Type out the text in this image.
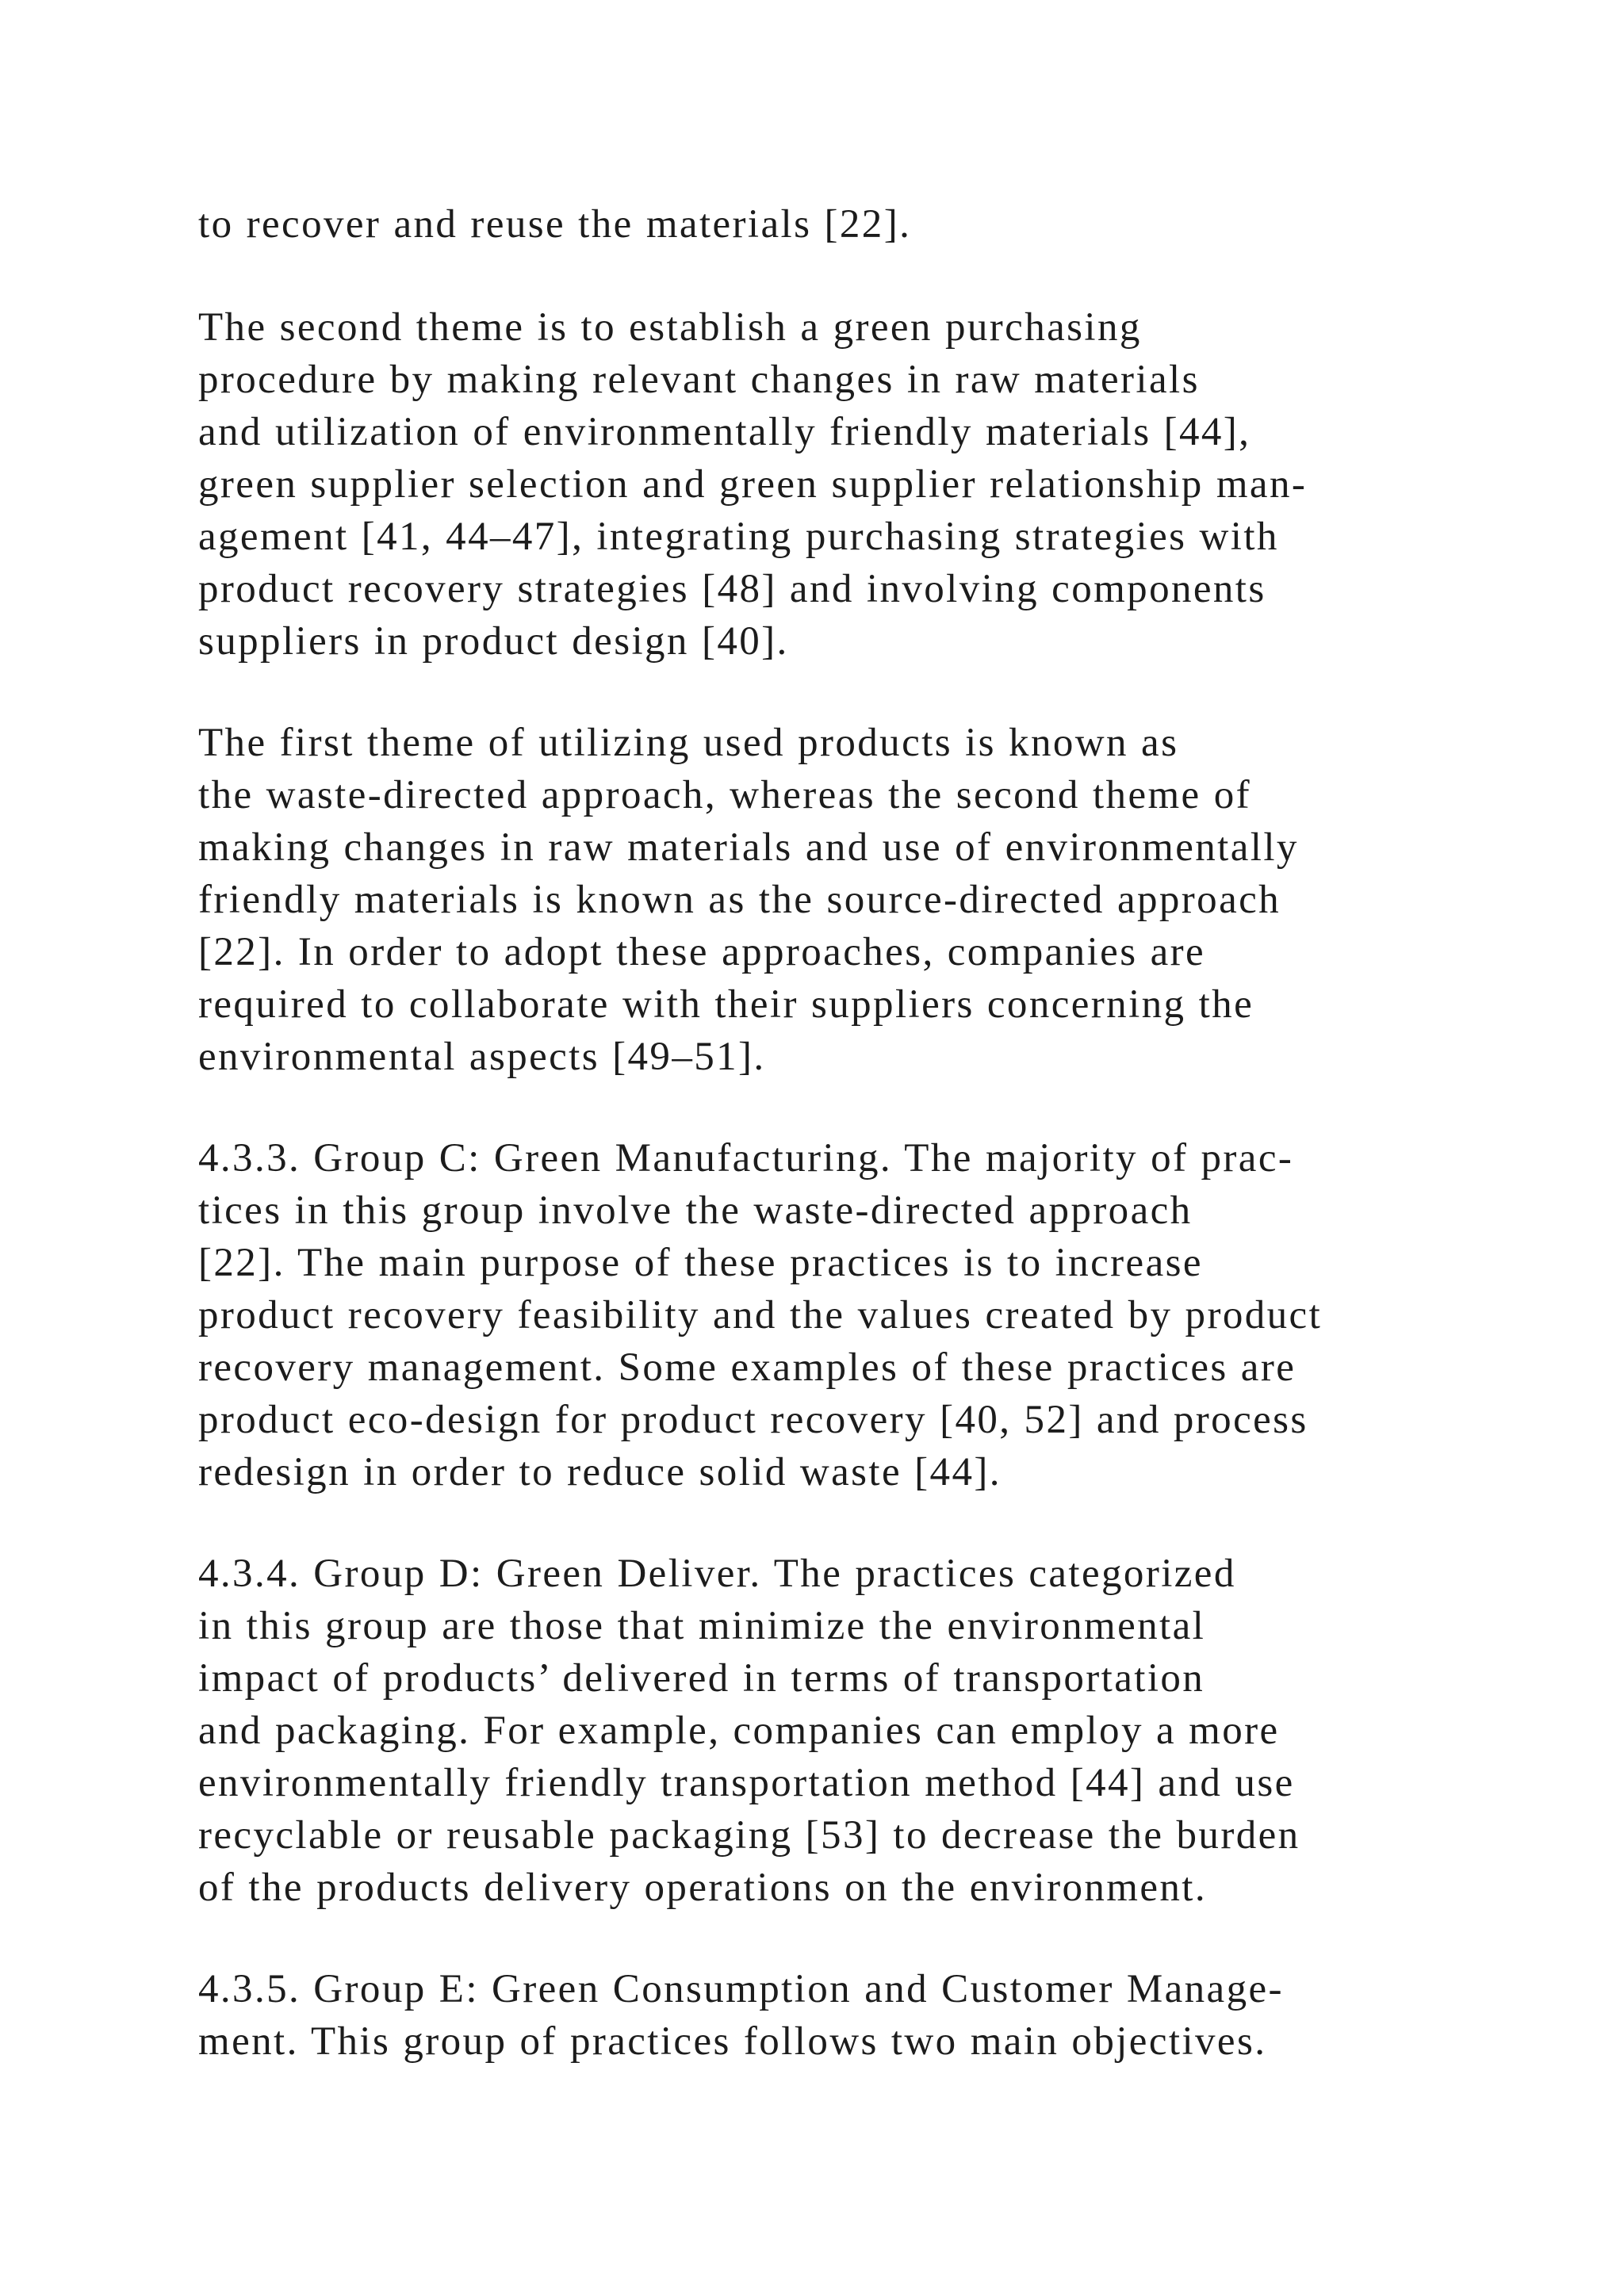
to recover and reuse the materials [22].
The second theme is to establish a green purchasing
procedure by making relevant changes in raw materials
and utilization of environmentally friendly materials [44],
green supplier selection and green supplier relationship man-
agement [41, 44–47], integrating purchasing strategies with
product recovery strategies [48] and involving components
suppliers in product design [40].
The first theme of utilizing used products is known as
the waste-directed approach, whereas the second theme of
making changes in raw materials and use of environmentally
friendly materials is known as the source-directed approach
[22]. In order to adopt these approaches, companies are
required to collaborate with their suppliers concerning the
environmental aspects [49–51].
4.3.3. Group C: Green Manufacturing. The majority of prac-
tices in this group involve the waste-directed approach
[22]. The main purpose of these practices is to increase
product recovery feasibility and the values created by product
recovery management. Some examples of these practices are
product eco-design for product recovery [40, 52] and process
redesign in order to reduce solid waste [44].
4.3.4. Group D: Green Deliver. The practices categorized
in this group are those that minimize the environmental
impact of products’ delivered in terms of transportation
and packaging. For example, companies can employ a more
environmentally friendly transportation method [44] and use
recyclable or reusable packaging [53] to decrease the burden
of the products delivery operations on the environment.
4.3.5. Group E: Green Consumption and Customer Manage-
ment. This group of practices follows two main objectives.
